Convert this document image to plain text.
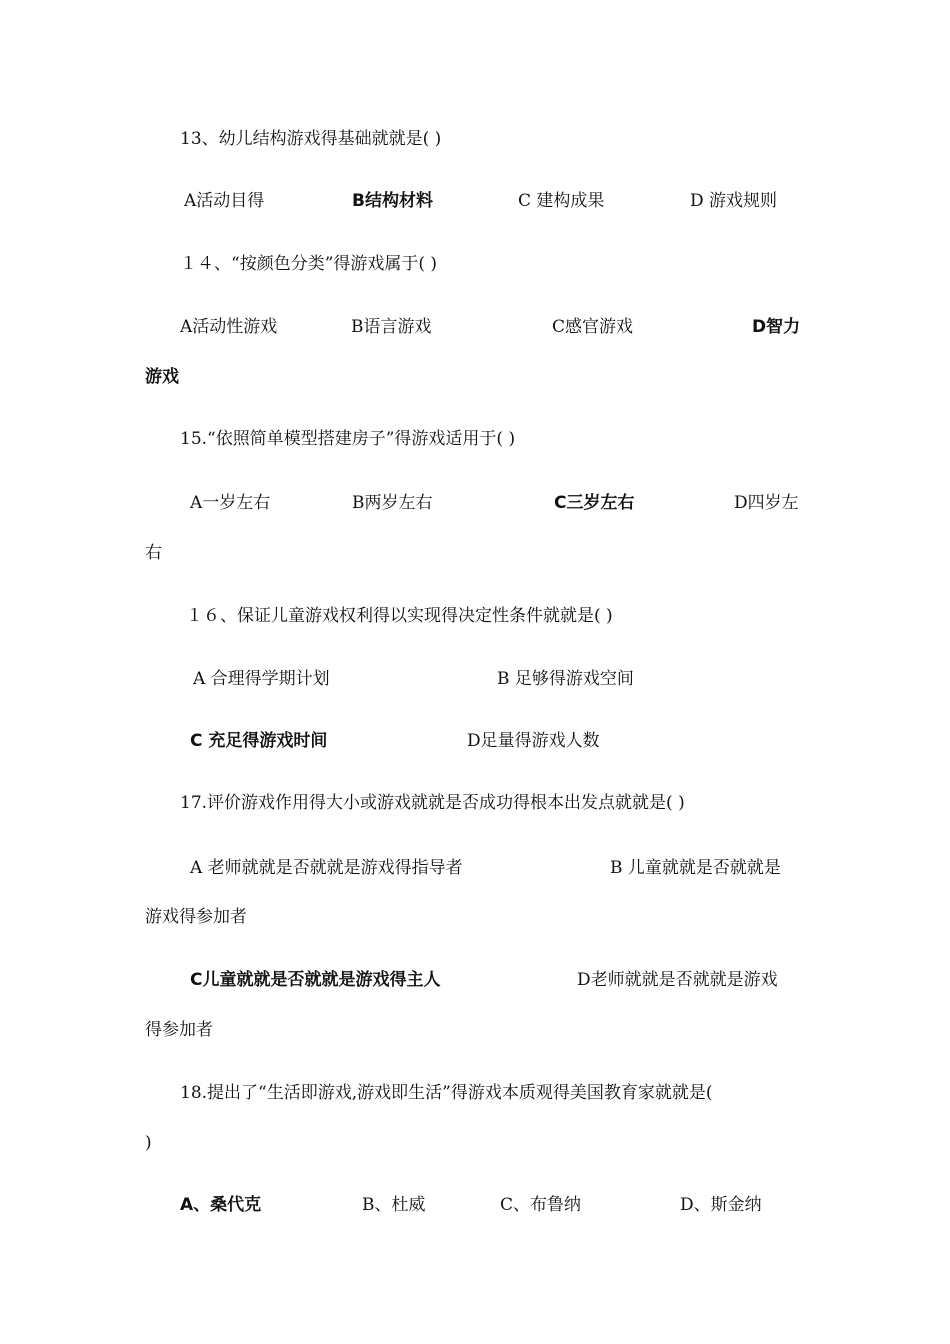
13、幼儿结构游戏得基础就就是( )
A活动目得	B结构材料	C 建构成果	D 游戏规则
１４、“按颜色分类”得游戏属于( )
A活动性游戏	B语言游戏	C感官游戏	D智力
游戏
15.“依照简单模型搭建房子”得游戏适用于( )
A一岁左右	B两岁左右	C三岁左右	D四岁左
右
１６、保证儿童游戏权利得以实现得决定性条件就就是( )
A 合理得学期计划	B 足够得游戏空间
C 充足得游戏时间	D足量得游戏人数
17.评价游戏作用得大小或游戏就就是否成功得根本出发点就就是( )
A 老师就就是否就就是游戏得指导者	B 儿童就就是否就就是
游戏得参加者
C儿童就就是否就就是游戏得主人	D老师就就是否就就是游戏
得参加者
18.提出了“生活即游戏,游戏即生活”得游戏本质观得美国教育家就就是(
)
A、桑代克	B、杜威	C、布鲁纳	D、斯金纳
